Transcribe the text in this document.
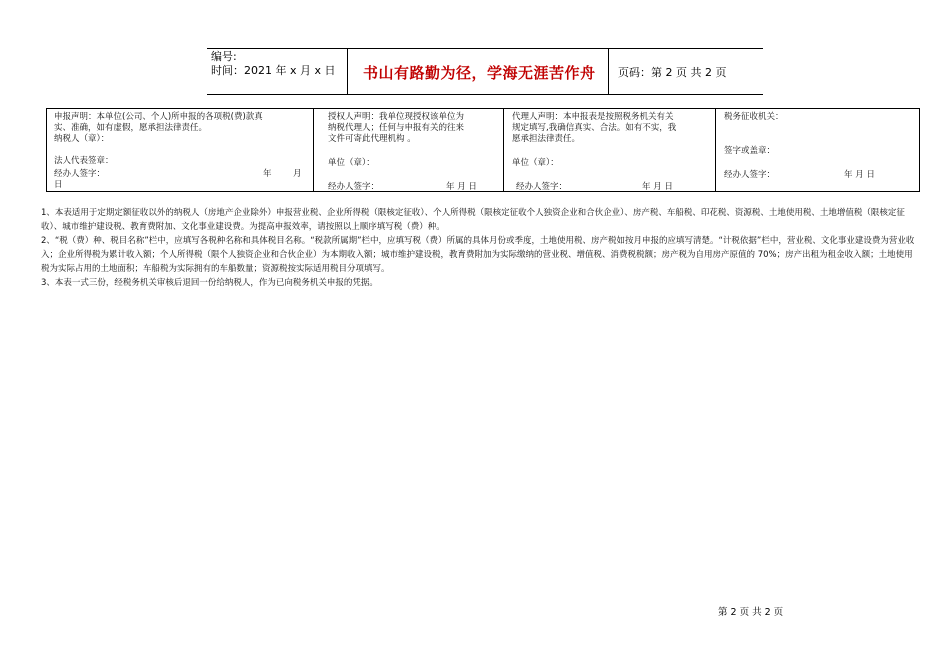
编号:
时间：2021 年 x 月 x 日 书山有路勤为径，学海无涯苦作舟 页码：第 2 页 共 2 页
申报声明：本单位(公司、个人)所申报的各项税(费)款真
实、准确，如有虚假，愿承担法律责任。
纳税人（章）：
法人代表签章：
经办人签字：	年	月
日
授权人声明：我单位现授权该单位为
纳税代理人；任何与申报有关的往来
文件可寄此代理机构 。
单位（章）：
经办人签字：	年 月 日
代理人声明：本申报表是按照税务机关有关
规定填写,我确信真实、合法。如有不实，我
愿承担法律责任。
单位（章）：
经办人签字：	年 月 日
税务征收机关：
签字或盖章：
经办人签字：	年 月 日

1、本表适用于定期定额征收以外的纳税人（房地产企业除外）申报营业税、企业所得税（限核定征收）、个人所得税（限核定征收个人独资企业和合伙企业）、房产税、车船税、印花税、资源税、土地使用税、土地增值税（限核定征收）、城市维护建设税、教育费附加、文化事业建设费。为提高申报效率，请按照以上顺序填写税（费）种。

2、“税（费）种、税目名称”栏中，应填写各税种名称和具体税目名称。“税款所属期”栏中，应填写税（费）所属的具体月份或季度，土地使用税、房产税如按月申报的应填写清楚。“计税依据”栏中，营业税、文化事业建设费为营业收入；企业所得税为累计收入额；个人所得税（限个人独资企业和合伙企业）为本期收入额；城市维护建设税，教育费附加为实际缴纳的营业税、增值税、消费税税额；房产税为自用房产原值的 70%；房产出租为租金收入额；土地使用税为实际占用的土地面积；车船税为实际拥有的车船数量；资源税按实际适用税目分项填写。

3、本表一式三份，经税务机关审核后退回一份给纳税人，作为已向税务机关申报的凭据。

第 2 页 共 2 页
